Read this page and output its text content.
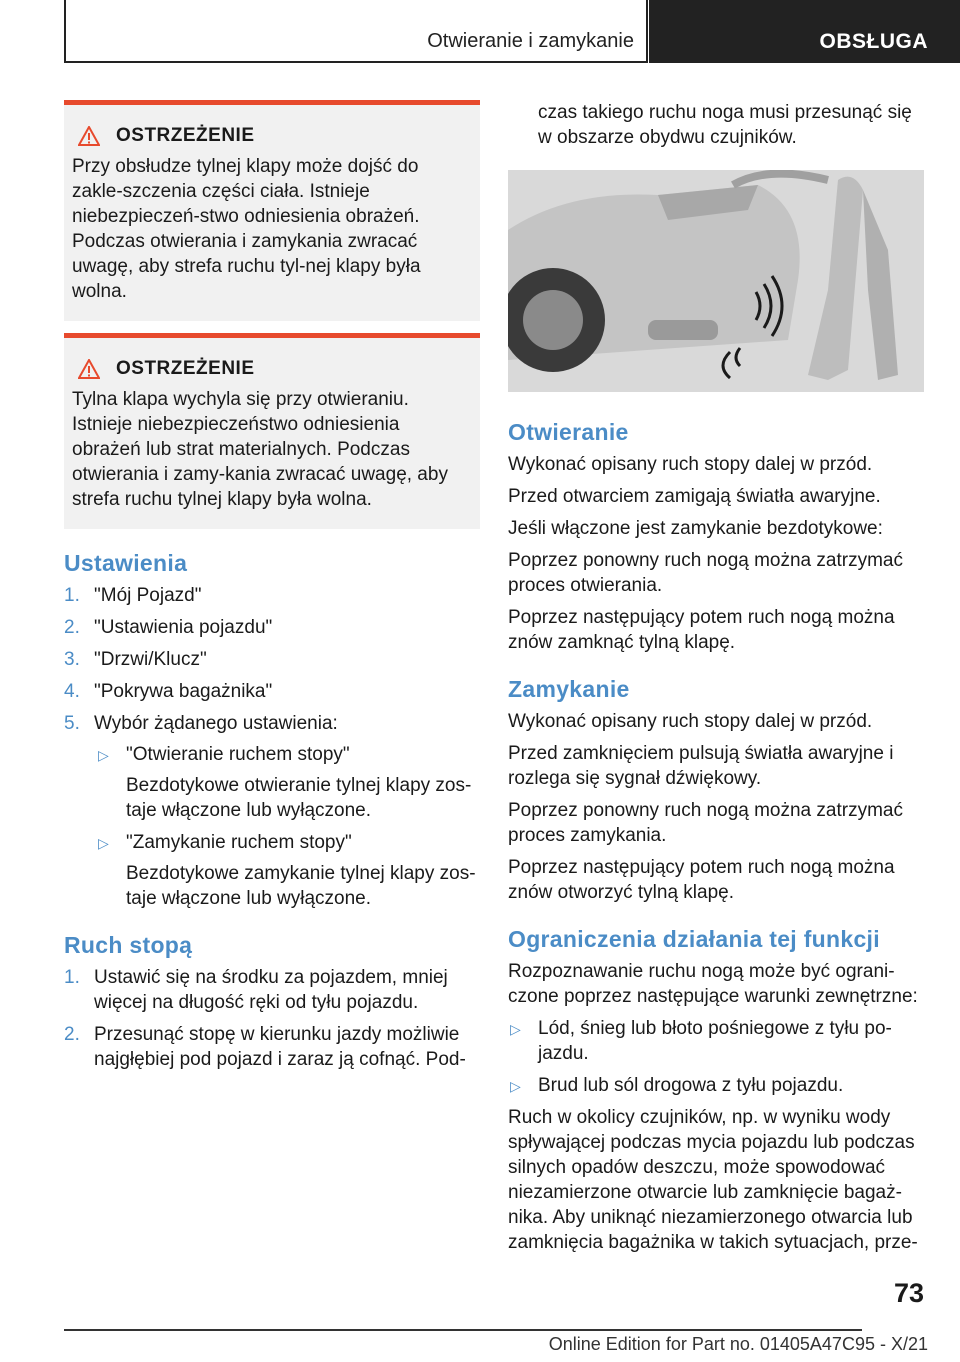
Otwieranie i zamykanie	OBSŁUGA
OSTRZEŻENIE

Przy obsłudze tylnej klapy może dojść do zakle-szczenia części ciała. Istnieje niebezpieczeń-stwo odniesienia obrażeń. Podczas otwierania i zamykania zwracać uwagę, aby strefa ruchu tyl-nej klapy była wolna.

OSTRZEŻENIE

Tylna klapa wychyla się przy otwieraniu. Istnieje niebezpieczeństwo odniesienia obrażeń lub strat materialnych. Podczas otwierania i zamy-kania zwracać uwagę, aby strefa ruchu tylnej klapy była wolna.

Ustawienia
1. "Mój Pojazd"
2. "Ustawienia pojazdu"
3. "Drzwi/Klucz"
4. "Pokrywa bagażnika"
5. Wybór żądanego ustawienia:
▷ "Otwieranie ruchem stopy"
Bezdotykowe otwieranie tylnej klapy zos-taje włączone lub wyłączone.
▷ "Zamykanie ruchem stopy"
Bezdotykowe zamykanie tylnej klapy zos-taje włączone lub wyłączone.
Ruch stopą
1. Ustawić się na środku za pojazdem, mniej więcej na długość ręki od tyłu pojazdu.
2. Przesunąć stopę w kierunku jazdy możliwie najgłębiej pod pojazd i zaraz ją cofnąć. Pod-

czas takiego ruchu noga musi przesunąć się w obszarze obydwu czujników.

Otwieranie

Wykonać opisany ruch stopy dalej w przód.

Przed otwarciem zamigają światła awaryjne.

Jeśli włączone jest zamykanie bezdotykowe:

Poprzez ponowny ruch nogą można zatrzymać proces otwierania.

Poprzez następujący potem ruch nogą można znów zamknąć tylną klapę.

Zamykanie

Wykonać opisany ruch stopy dalej w przód.

Przed zamknięciem pulsują światła awaryjne i rozlega się sygnał dźwiękowy.

Poprzez ponowny ruch nogą można zatrzymać proces zamykania.

Poprzez następujący potem ruch nogą można znów otworzyć tylną klapę.

Ograniczenia działania tej funkcji

Rozpoznawanie ruchu nogą może być ograni-czone poprzez następujące warunki zewnętrzne:

▷ Lód, śnieg lub błoto pośniegowe z tyłu po-jazdu.
▷ Brud lub sól drogowa z tyłu pojazdu.

Ruch w okolicy czujników, np. w wyniku wody spływającej podczas mycia pojazdu lub podczas silnych opadów deszczu, może spowodować niezamierzone otwarcie lub zamknięcie bagaż-nika. Aby uniknąć niezamierzonego otwarcia lub zamknięcia bagażnika w takich sytuacjach, prze-

73
Online Edition for Part no. 01405A47C95 - X/21
